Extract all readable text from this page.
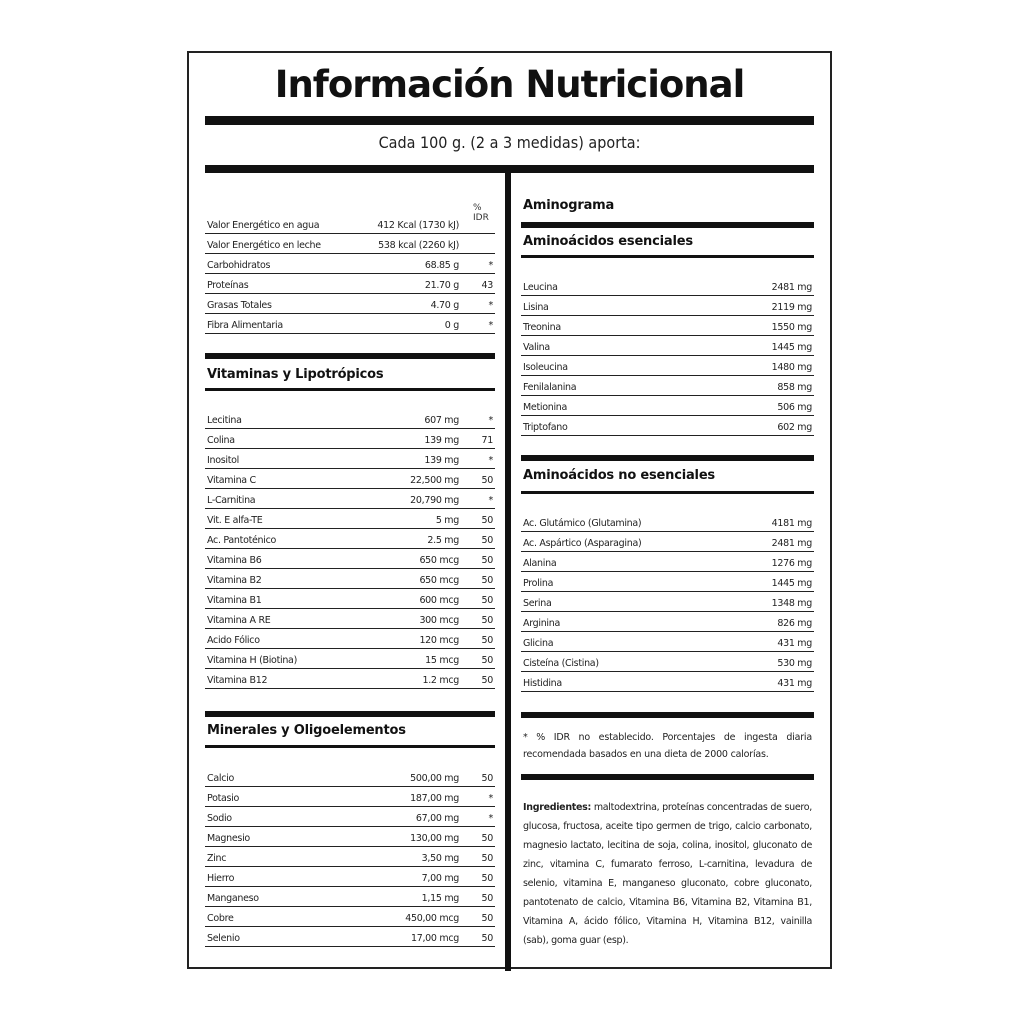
Información Nutricional
Cada 100 g. (2 a 3 medidas) aporta:
% IDR
Valor Energético en agua	412 Kcal (1730 kJ)
Valor Energético en leche	538 kcal (2260 kJ)
Carbohidratos	68.85 g	*
Proteínas	21.70 g 43
Grasas Totales	4.70 g	*
Fibra Alimentaria	0 g	*
Vitaminas y Lipotrópicos
Lecitina	607 mg	*
Colina	139 mg 71
Inositol	139 mg	*
Vitamina C	22,500 mg 50
L-Carnitina	20,790 mg	*
Vit. E alfa-TE	5 mg 50
Ac. Pantoténico	2.5 mg 50
Vitamina B6	650 mcg 50
Vitamina B2	650 mcg 50
Vitamina B1	600 mcg 50
Vitamina A RE	300 mcg 50
Acido Fólico	120 mcg 50
Vitamina H (Biotina)	15 mcg 50
Vitamina B12	1.2 mcg 50
Minerales y Oligoelementos
Calcio	500,00 mg 50
Potasio	187,00 mg	*
Sodio	67,00 mg	*
Magnesio	130,00 mg 50
Zinc	3,50 mg 50
Hierro	7,00 mg 50
Manganeso	1,15 mg 50
Cobre	450,00 mcg 50
Selenio	17,00 mcg 50
Aminograma
Aminoácidos esenciales
Leucina	2481 mg
Lisina	2119 mg
Treonina	1550 mg
Valina	1445 mg
Isoleucina	1480 mg
Fenilalanina	858 mg
Metionina	506 mg
Triptofano	602 mg
Aminoácidos no esenciales
Ac. Glutámico (Glutamina)	4181 mg
Ac. Aspártico (Asparagina)	2481 mg
Alanina	1276 mg
Prolina	1445 mg
Serina	1348 mg
Arginina	826 mg
Glicina	431 mg
Cisteína (Cistina)	530 mg
Histidina	431 mg
* % IDR no establecido. Porcentajes de ingesta diaria recomendada basados en una dieta de 2000 calorías.
Ingredientes: maltodextrina, proteínas concentradas de suero, glucosa, fructosa, aceite tipo germen de trigo, calcio carbonato, magnesio lactato, lecitina de soja, colina, inositol, gluconato de zinc, vitamina C, fumarato ferroso, L-carnitina, levadura de selenio, vitamina E, manganeso gluconato, cobre gluconato, pantotenato de calcio, Vitamina B6, Vitamina B2, Vitamina B1, Vitamina A, ácido fólico, Vitamina H, Vitamina B12, vainilla (sab), goma guar (esp).
